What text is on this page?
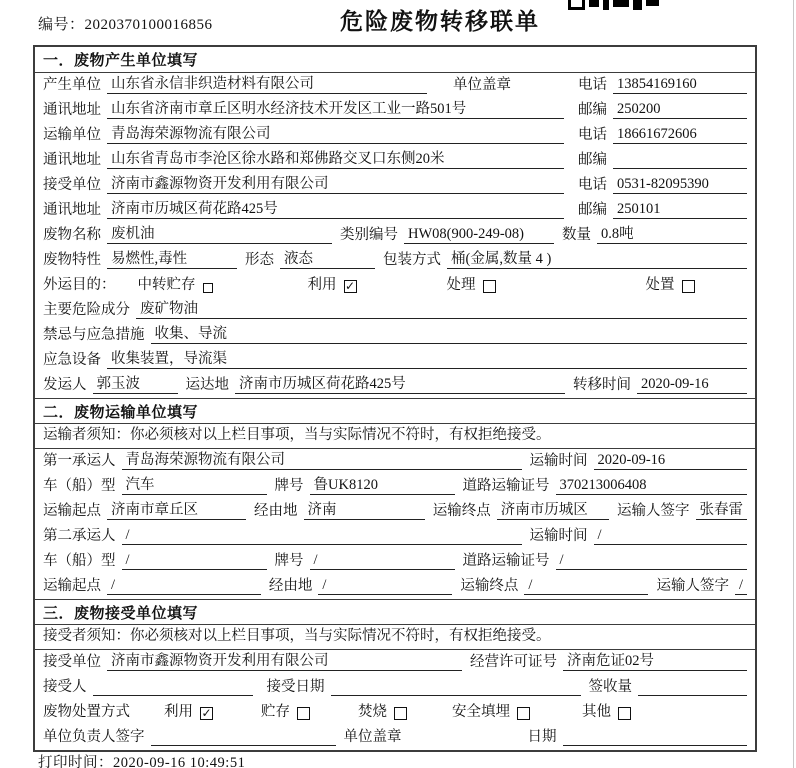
编号：2020370100016856	危险废物转移联单
一．废物产生单位填写
产生单位 山东省永信非织造材料有限公司	单位盖章	电话 13854169160
通讯地址 山东省济南市章丘区明水经济技术开发区工业一路501号	邮编 250200
运输单位 青岛海荣源物流有限公司	电话 18661672606
通讯地址 山东省青岛市李沧区徐水路和郑佛路交叉口东侧20米	邮编
接受单位 济南市鑫源物资开发利用有限公司	电话 0531-82095390
通讯地址 济南市历城区荷花路425号	邮编 250101
废物名称 废机油	类别编号 HW08(900-249-08)	数量 0.8吨
废物特性 易燃性,毒性	形态 液态	包装方式 桶(金属,数量 4 )
外运目的： 中转贮存	利用 ✓	处理	处置
主要危险成分 废矿物油
禁忌与应急措施 收集、导流
应急设备 收集装置，导流渠
发运人 郭玉波	运达地 济南市历城区荷花路425号	转移时间 2020-09-16
二．废物运输单位填写
运输者须知：你必须核对以上栏目事项，当与实际情况不符时，有权拒绝接受。
第一承运人 青岛海荣源物流有限公司	运输时间 2020-09-16
车（船）型 汽车	牌号 鲁UK8120	道路运输证号 370213006408
运输起点 济南市章丘区	经由地 济南	运输终点 济南市历城区	运输人签字 张春雷
第二承运人 /	运输时间 /
车（船）型 /	牌号 /	道路运输证号 /
运输起点 /	经由地 /	运输终点 /	运输人签字 /
三．废物接受单位填写
接受者须知：你必须核对以上栏目事项，当与实际情况不符时，有权拒绝接受。
接受单位 济南市鑫源物资开发利用有限公司	经营许可证号 济南危证02号
接受人	接受日期	签收量
废物处置方式 利用 ✓	贮存	焚烧	安全填埋	其他
单位负责人签字	单位盖章	日期
打印时间：2020-09-16 10:49:51
